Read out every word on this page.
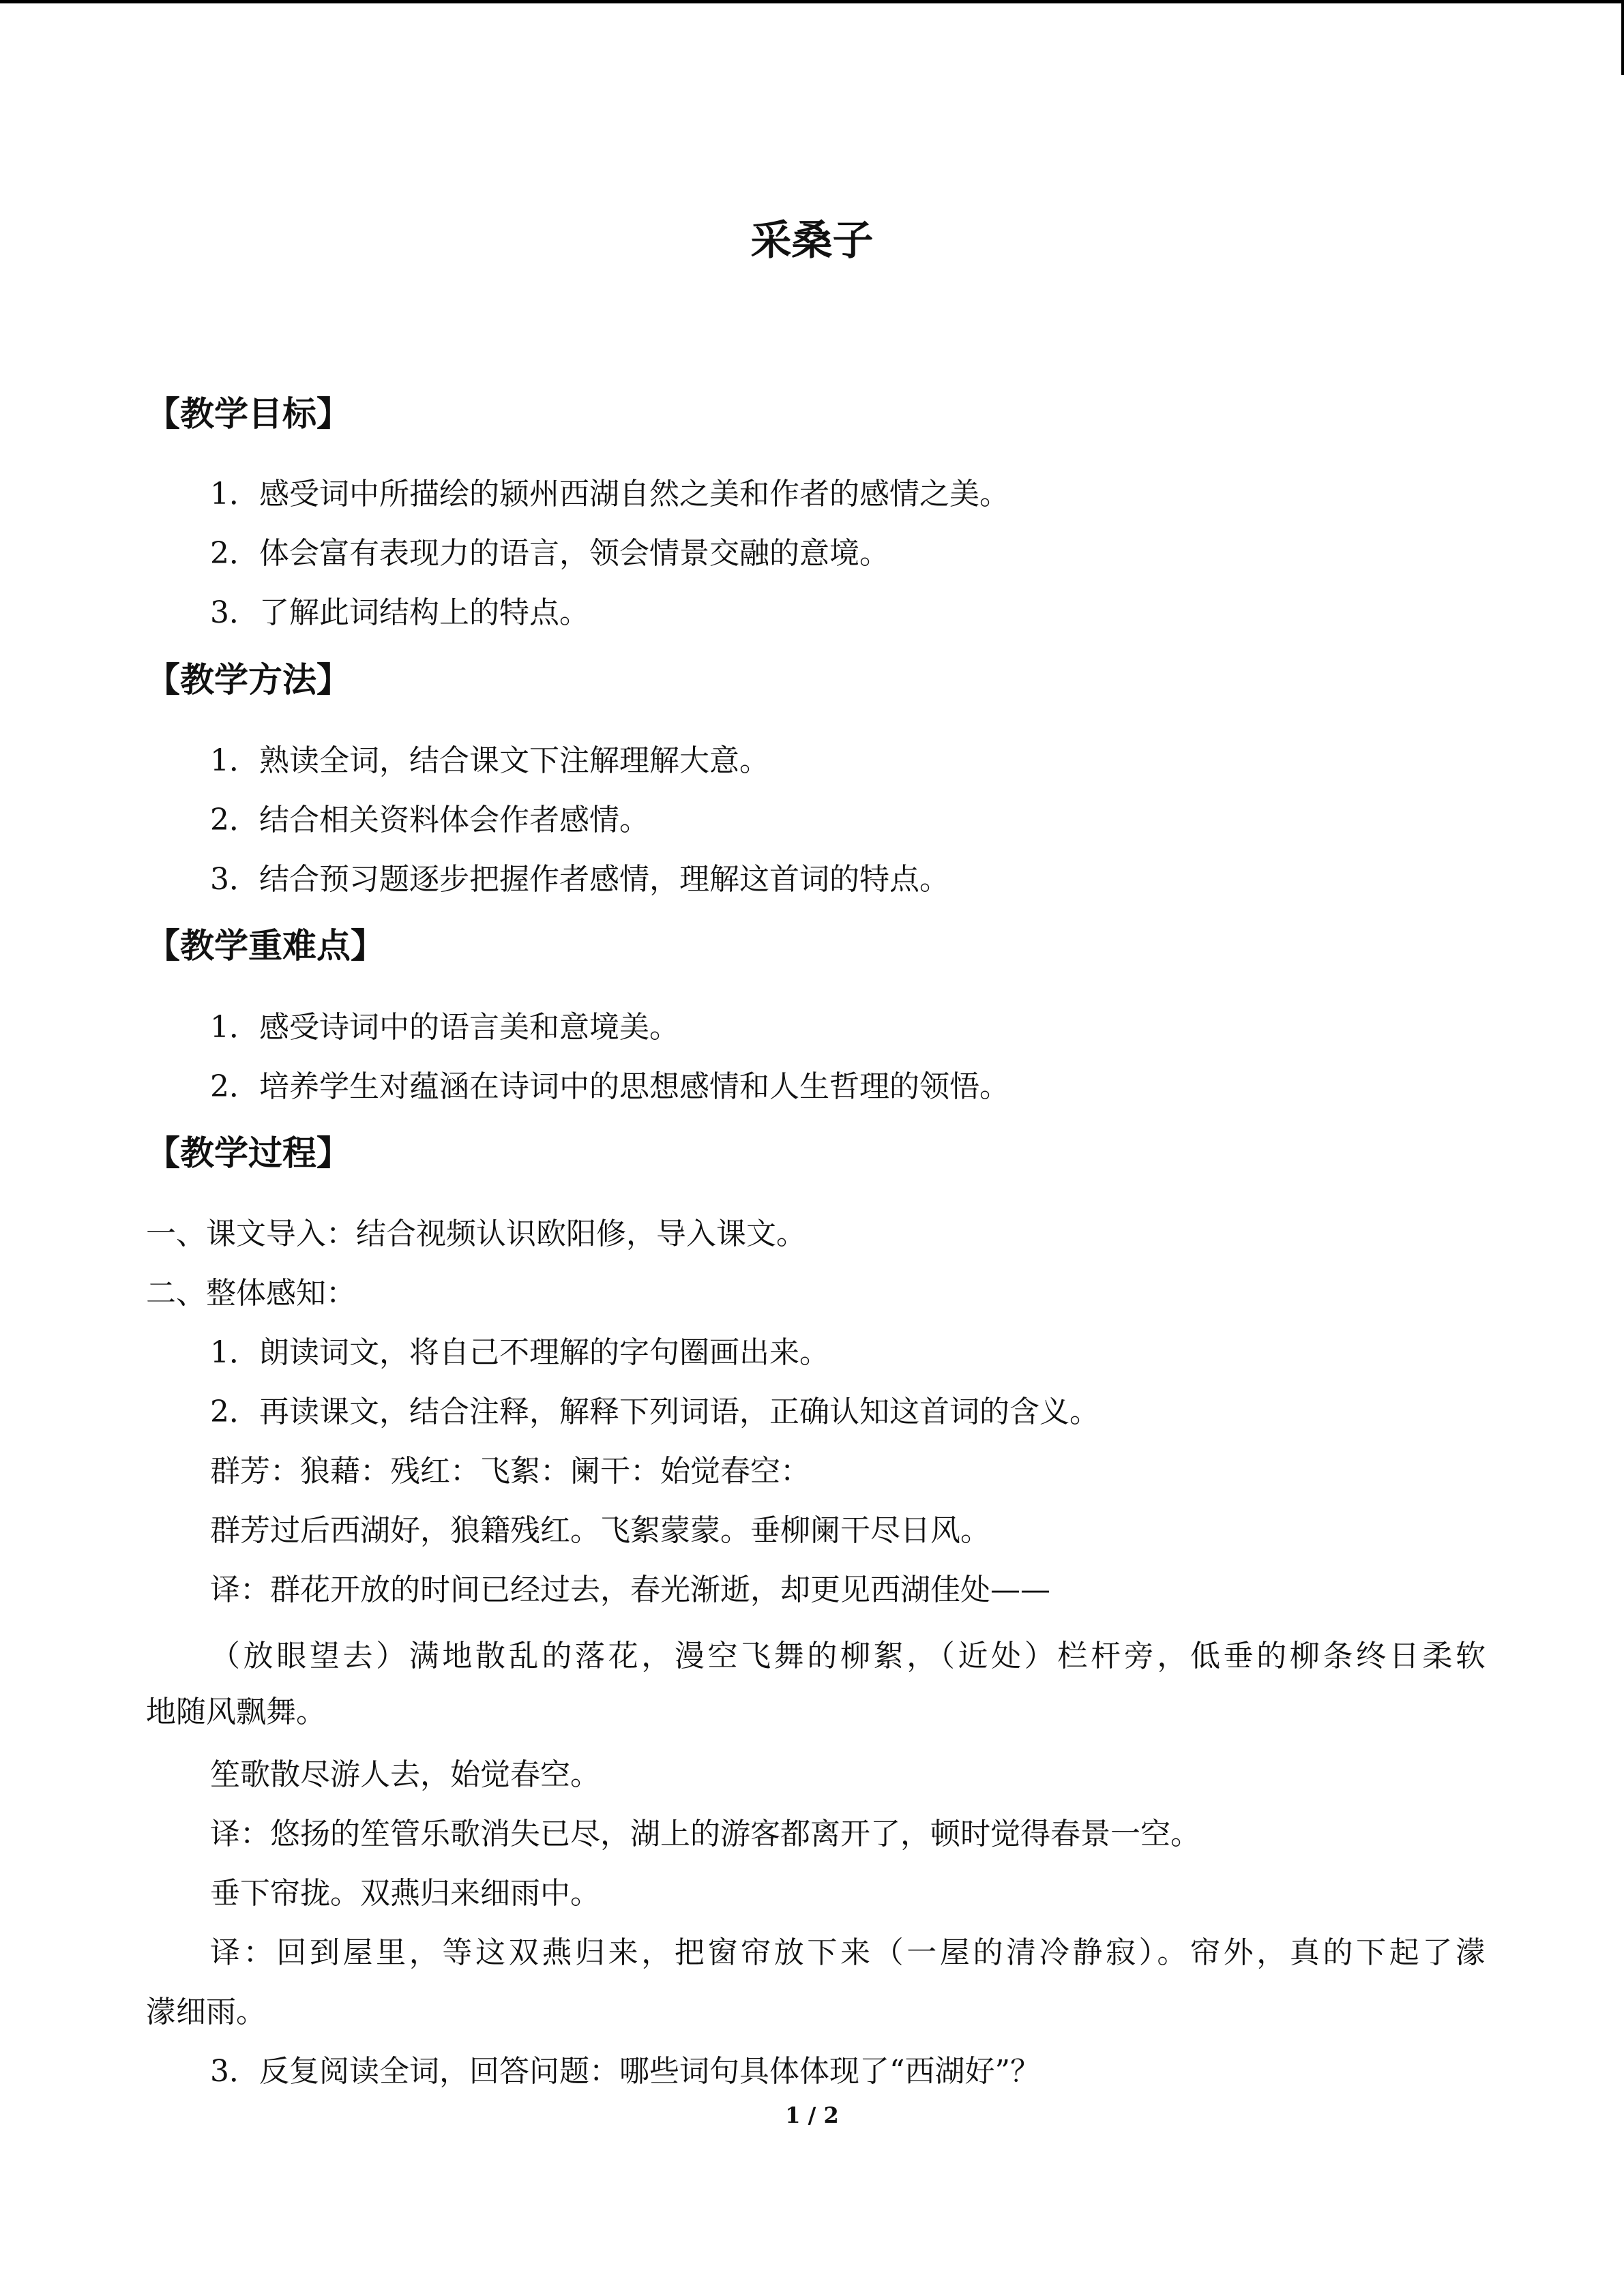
采桑子
【教学目标】
1．感受词中所描绘的颍州西湖自然之美和作者的感情之美。
2．体会富有表现力的语言，领会情景交融的意境。
3．了解此词结构上的特点。
【教学方法】
1．熟读全词，结合课文下注解理解大意。
2．结合相关资料体会作者感情。
3．结合预习题逐步把握作者感情，理解这首词的特点。
【教学重难点】
1．感受诗词中的语言美和意境美。
2．培养学生对蕴涵在诗词中的思想感情和人生哲理的领悟。
【教学过程】
一、课文导入：结合视频认识欧阳修，导入课文。
二、整体感知：
1．朗读词文，将自己不理解的字句圈画出来。
2．再读课文，结合注释，解释下列词语，正确认知这首词的含义。
群芳：狼藉：残红：飞絮：阑干：始觉春空：
群芳过后西湖好，狼籍残红。飞絮蒙蒙。垂柳阑干尽日风。
译：群花开放的时间已经过去，春光渐逝，却更见西湖佳处——
（放眼望去）满地散乱的落花，漫空飞舞的柳絮，（近处）栏杆旁，低垂的柳条终日柔软
地随风飘舞。
笙歌散尽游人去，始觉春空。
译：悠扬的笙管乐歌消失已尽，湖上的游客都离开了，顿时觉得春景一空。
垂下帘拢。双燕归来细雨中。
译：回到屋里，等这双燕归来，把窗帘放下来（一屋的清冷静寂）。帘外，真的下起了濛
濛细雨。
3．反复阅读全词，回答问题：哪些词句具体体现了“西湖好”？
1 / 2
